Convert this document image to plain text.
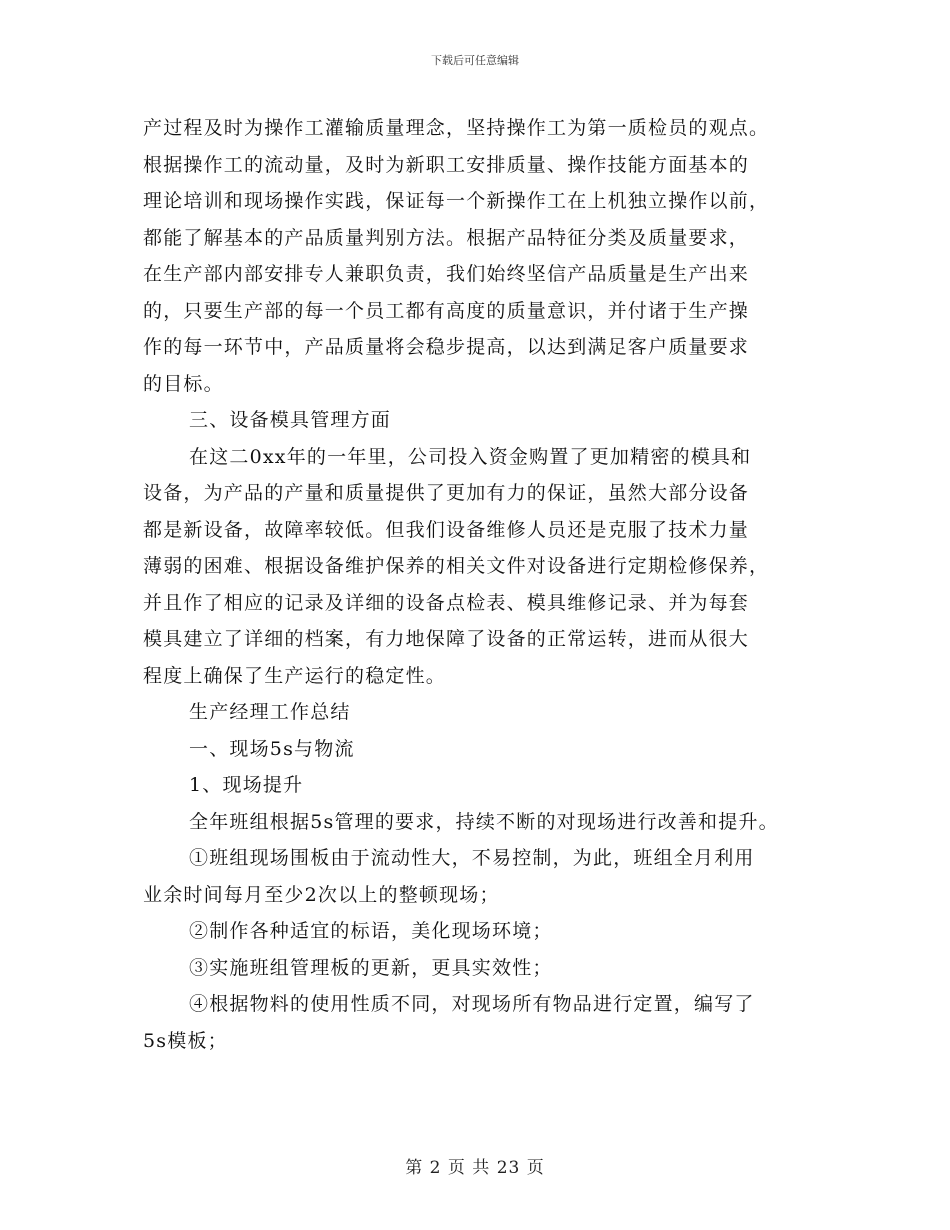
下载后可任意编辑
产过程及时为操作工灌输质量理念，坚持操作工为第一质检员的观点。
根据操作工的流动量，及时为新职工安排质量、操作技能方面基本的
理论培训和现场操作实践，保证每一个新操作工在上机独立操作以前，
都能了解基本的产品质量判别方法。根据产品特征分类及质量要求，
在生产部内部安排专人兼职负责，我们始终坚信产品质量是生产出来
的，只要生产部的每一个员工都有高度的质量意识，并付诸于生产操
作的每一环节中，产品质量将会稳步提高，以达到满足客户质量要求
的目标。
三、设备模具管理方面
在这二0xx年的一年里，公司投入资金购置了更加精密的模具和
设备，为产品的产量和质量提供了更加有力的保证，虽然大部分设备
都是新设备，故障率较低。但我们设备维修人员还是克服了技术力量
薄弱的困难、根据设备维护保养的相关文件对设备进行定期检修保养，
并且作了相应的记录及详细的设备点检表、模具维修记录、并为每套
模具建立了详细的档案，有力地保障了设备的正常运转，进而从很大
程度上确保了生产运行的稳定性。
生产经理工作总结
一、现场5s与物流
1、现场提升
全年班组根据5s管理的要求，持续不断的对现场进行改善和提升。
①班组现场围板由于流动性大，不易控制，为此，班组全月利用
业余时间每月至少2次以上的整顿现场；
②制作各种适宜的标语，美化现场环境；
③实施班组管理板的更新，更具实效性；
④根据物料的使用性质不同，对现场所有物品进行定置，编写了
5s模板；
第 2 页 共 23 页
